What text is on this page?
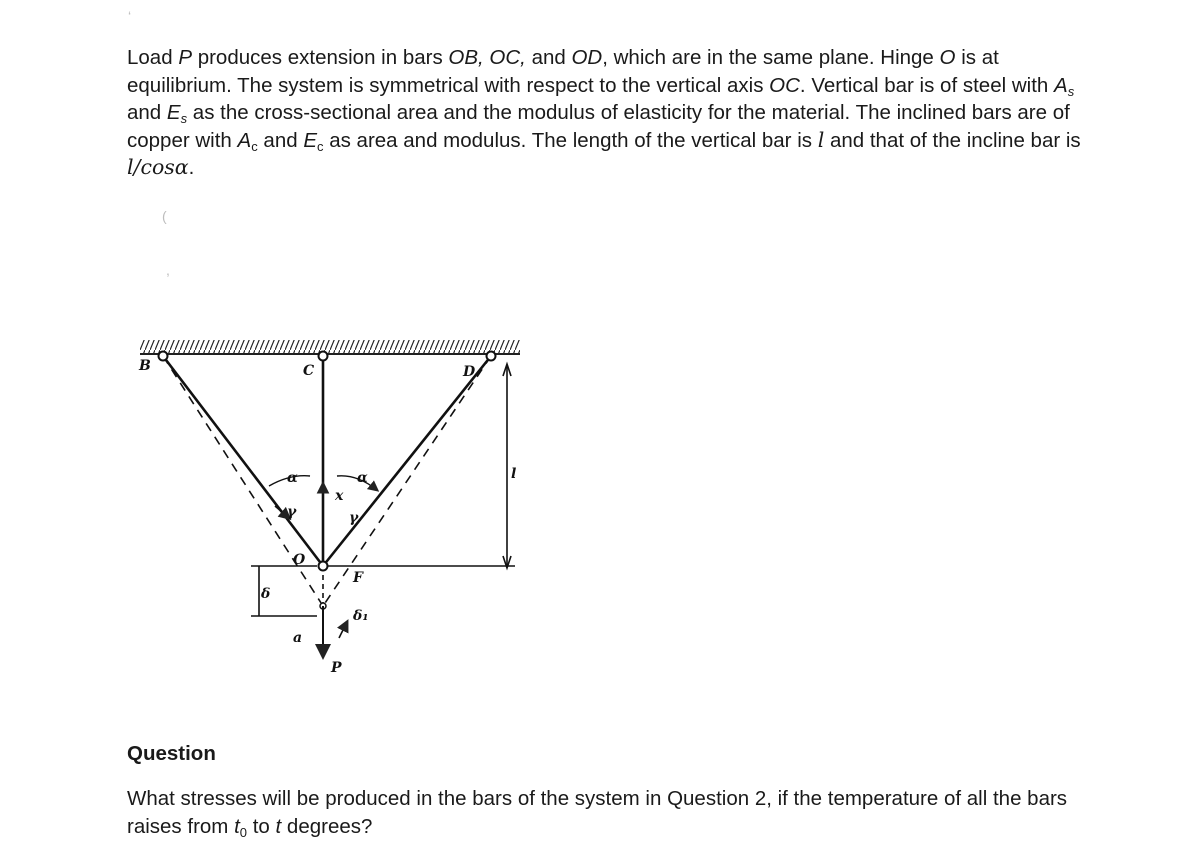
‘
(
,

Load P produces extension in bars OB, OC, and OD, which are in the same plane. Hinge O is at equilibrium. The system is symmetrical with respect to the vertical axis OC. Vertical bar is of steel with $A_s$ and $E_s$ as the cross-sectional area and the modulus of elasticity for the material. The inclined bars are of copper with $A_c$ and $E_c$ as area and modulus. The length of the vertical bar is l and that of the incline bar is l/cosα.

B	C	D
O
α	α
γ	γ
x
l
δ
δ₁
a
P
F

Question

What stresses will be produced in the bars of the system in Question 2, if the temperature of all the bars raises from $t_0$ to t degrees?
